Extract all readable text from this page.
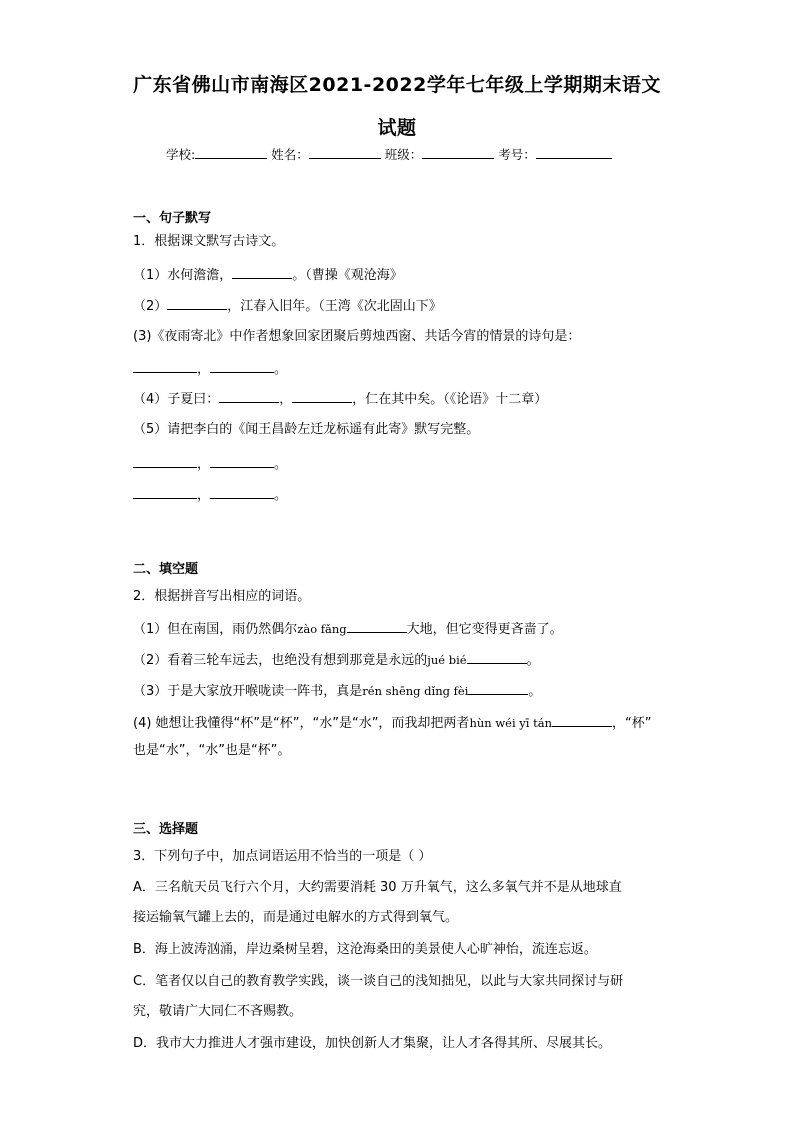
广东省佛山市南海区2021-2022学年七年级上学期期末语文
试题
学校:	姓名：	班级：	考号：
一、句子默写
1．根据课文默写古诗文。
（1）水何澹澹，	。（曹操《观沧海》
（2）	，江春入旧年。（王湾《次北固山下》
(3)《夜雨寄北》中作者想象回家团聚后剪烛西窗、共话今宵的情景的诗句是：
，	。
（4）子夏曰：	，	，仁在其中矣。（《论语》十二章）
（5）请把李白的《闻王昌龄左迁龙标遥有此寄》默写完整。
，	。
，	。
二、填空题
2．根据拼音写出相应的词语。
（1）但在南国，雨仍然偶尔zào fǎng	大地，但它变得更吝啬了。
（2）看着三轮车远去，也绝没有想到那竟是永远的jué bié	。
（3）于是大家放开喉咙读一阵书，真是rén shēng dǐng fèi	。
(4) 她想让我懂得“杯”是“杯”，“水”是“水”，而我却把两者hùn wéi yī tán	，“杯”
也是“水”，“水”也是“杯”。
三、选择题
3．下列句子中，加点词语运用不恰当的一项是（ ）
A．三名航天员飞行六个月，大约需要消耗 30 万升氧气，这么多氧气并不是从地球直
接运输氧气罐上去的，而是通过电解水的方式得到氧气。
B．海上波涛汹涌，岸边桑树呈碧，这沧海桑田的美景使人心旷神怡，流连忘返。
C．笔者仅以自己的教育教学实践，谈一谈自己的浅知拙见，以此与大家共同探讨与研
究，敬请广大同仁不吝赐教。
D．我市大力推进人才强市建设，加快创新人才集聚，让人才各得其所、尽展其长。
